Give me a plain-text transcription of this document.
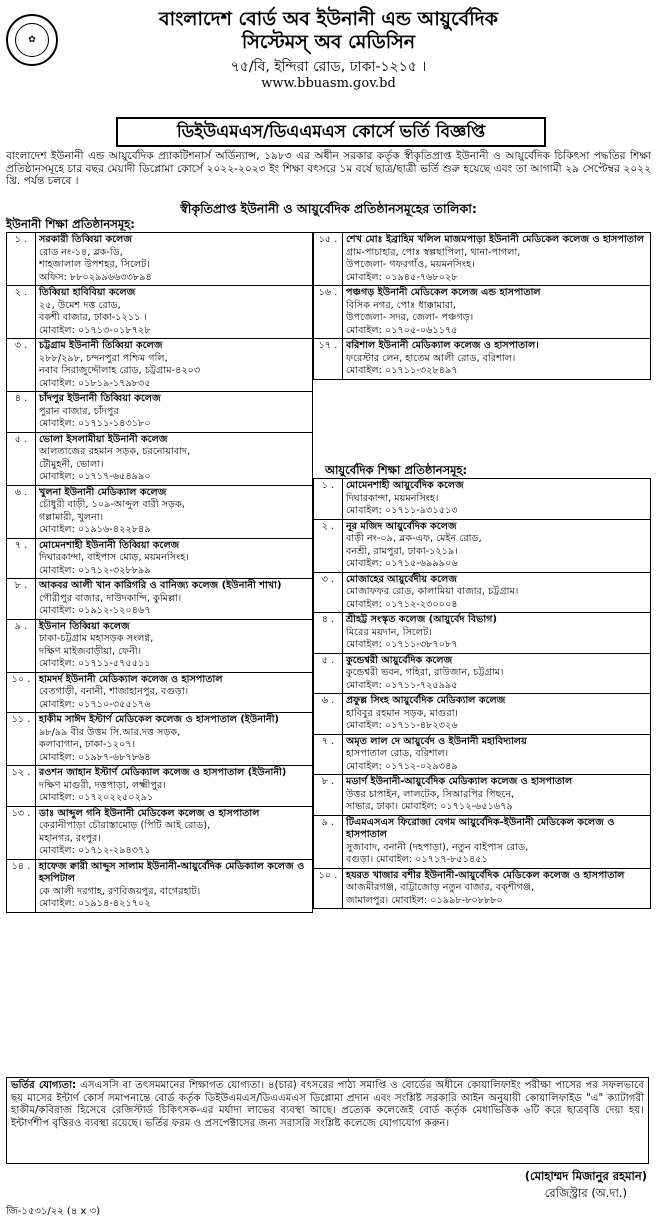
✿
বাংলাদেশ বোর্ড অব ইউনানী এন্ড আয়ুর্বেদিক
সিস্টেমস্ অব মেডিসিন
৭৫/বি, ইন্দিরা রোড, ঢাকা-১২১৫ ।
www.bbuasm.gov.bd
ডিইউএমএস/ডিএএমএস কোর্সে ভর্তি বিজ্ঞপ্তি
বাংলাদেশ ইউনানী এন্ড আয়ুর্বেদিক প্র্যাকটিশনার্স অর্ডিন্যান্স, ১৯৮৩ এর অধীন সরকার কর্তৃক স্বীকৃতিপ্রাপ্ত ইউনানী ও আয়ুর্বেদিক চিকিৎসা পদ্ধতির শিক্ষা প্রতিষ্ঠানসমূহে চার বছর মেয়াদী ডিপ্লোমা কোর্সে ২০২২-২০২৩ ইং শিক্ষা বৎসরে ১ম বর্ষে ছাত্র/ছাত্রী ভর্তি শুরু হয়েছে এবং তা আগামী ২৯ সেপ্টেম্বর ২০২২ খ্রি. পর্যন্ত চলবে ।
স্বীকৃতিপ্রাপ্ত ইউনানী ও আয়ুর্বেদিক প্রতিষ্ঠানসমূহের তালিকা:
ইউনানী শিক্ষা প্রতিষ্ঠানসমূহ:
১ .	সরকারী তিব্বিয়া কলেজ
রোড নং-১৪, ব্লক-ডি,
শাহজালাল উপশহর, সিলেট।
অফিস: ৮৮০২৯৯৬৬৩৩৮৯৪

২ .	তিব্বিয়া হাবিবিয়া কলেজ
২৫, উমেশ দত্ত রোড,
বকশী বাজার, ঢাকা-১২১১ ।
মোবাইল: ০১৭১৩-০১৮৭২৮

৩ .	চট্টগ্রাম ইউনানী তিব্বিয়া কলেজ
২৮৮/২৯৮, চন্দনপুরা পশ্চিম গলি,
নবাব সিরাজুদ্দৌলাহ রোড, চট্টগ্রাম-৪২০৩
মোবাইল: ০১৮১৯-১৭৯৮৩৫

৪ .	চাঁদপুর ইউনানী তিব্বিয়া কলেজ
পুরান বাজার, চাঁদপুর
মোবাইল: ০১৭১১-১৪৩১৮০

৫ .	ভোলা ইসলামীয়া ইউনানী কলেজ
আলতাজের রহমান সড়ক, চরনোয়াবাদ,
টৌমুহনী, ভোলা।
মোবাইল: ০১৭১৭-৬৫৪৯৯০

৬ .	খুলনা ইউনানী মেডিক্যাল কলেজ
চৌধুরী বাড়ী, ১০৯-আব্দুল বারী সড়ক,
গল্লামারী, খুলনা।
মোবাইল: ০১৯১৬-৪২২৮৪৯

৭ .	মোমেনশাহী ইউনানী তিব্বিয়া কলেজ
দিঘারকান্দা, বাইপাস মোড়, ময়মনসিংহ।
মোবাইল: ০১৭১২-৩২৮৮৯৯

৮ .	আকবর আলী খান কারিগরি ও বানিজ্য কলেজ (ইউনানী শাখা)
গৌরীপুর বাজার, দাউদকান্দি, কুমিল্লা।
মোবাইল: ০১৯১২-১২০৪৬৭

৯ .	ইউনান তিব্বিয়া কলেজ
ঢাকা-চট্টগ্রাম মহাসড়ক সংলগ্ন,
দক্ষিণ মাইজবাড়ীয়া, ফেনী।
মোবাইল: ০১৭১১-৫৭৫৫১১

১০ .	হামদর্দ ইউনানী মেডিক্যাল কলেজ ও হাসপাতাল
বেতগাড়ী, বনানী, শাজাহানপুর, বগুড়া।
মোবাইল: ০১৭১০-৩৫৫১৭৬

১১ .	হাকীম সাঈদ ইস্টার্ণ মেডিকেল কলেজ ও হাসপাতাল (ইউনানী)
৯৮/৯৯ বীর উত্তম সি.আর.দত্ত সড়ক,
কলাবাগান, ঢাকা-১২০৭।
মোবাইল: ০১৯৮৭-৬৮৭৮৬৪

১২ .	রওশন জাহান ইস্টার্ণ মেডিক্যাল কলেজ ও হাসপাতাল (ইউনানী)
দক্ষিণ মাগুরী, দত্তপাড়া, লক্ষ্মীপুর।
মোবাইল: ০১৭২০২২৫০২৯১

১৩ .	ডাঃ আব্দুল গনি ইউনানী মেডিকেল কলেজ ও হাসপাতাল
কেরানীপাড়া চৌরাস্তামোড় (পিটি আই রোড),
মহানগর, রংপুর।
মোবাইল: ০১৭১২-২৯৪৩৭১

১৪ .	হাফেজ ক্বারী আব্দুস সালাম ইউনানী-আয়ুর্বেদিক মেডিক্যাল কলেজ ও হসপিটাল
কে আলী দরগাহ, রণবিজয়পুর, বাগেরহাট।
মোবাইল: ০১৯১৪-৪২১৭০২
১৫ .	শেখ মোঃ ইব্রাহিম খলিল মাজমপাড়া ইউনানী মেডিকেল কলেজ ও হাসপাতাল
গ্রাম-পাচাহার, পোঃ স্বল্পছাপিলা, থানা-পাগলা,
উপজেলা- গফরগাঁও, ময়মনসিংহ।
মোবাইল: ০১৯৪৫-৭৬৮০২৮

১৬ .	পঞ্চগড় ইউনানী মেডিকেল কলেজ এন্ড হাসপাতাল
বিসিক নগর, পোঃ ধাক্কামারা,
উপজেলা- সদর, জেলা- পঞ্চগড়।
মোবাইল: ০১৭০৫-০৬১১৭৫

১৭ .	বরিশাল ইউনানী মেডিক্যাল কলেজ ও হাসপাতাল।
ফরেস্টার লেন, হাতেম আলী রোড, বরিশাল।
মোবাইল: ০১৭১১-৩২৮৪৯৭
আয়ুর্বেদিক শিক্ষা প্রতিষ্ঠানসমূহ:
১ .	মোমেনশাহী আয়ুর্বেদিক কলেজ
দিঘারকান্দা, ময়মনসিংহ।
মোবাইল: ০১৭১১-৯৩১৫১৩

২ .	নূর মজিদ আয়ুর্বেদিক কলেজ
বাড়ী নং-০৯, ব্লক-এফ, মেইন রোড,
বনশ্রী, রামপুরা, ঢাকা-১২১৯।
মোবাইল: ০১৭১৫-৬৯৯৯০৬

৩ .	মোজাহের আয়ুর্বেদীয় কলেজ
মোজাফফর রোড, কালামিয়া বাজার, চট্টগ্রাম।
মোবাইল: ০১৭১২-২৩০০০৪

৪ .	শ্রীহট্ট সংস্কৃত কলেজ (আয়ুর্বেদ বিভাগ)
মিরের ময়দান, সিলেট।
মোবাইল: ০১৭১১-৩৮৭০৮৭

৫ .	কুন্ডেশ্বরী আয়ুর্বেদিক কলেজ
কুন্ডেশ্বরী ভবন, গহিরা, রাউজান, চট্টগ্রাম।
মোবাইল: ০১৭১১-৭২৫৯৯৫

৬ .	প্রফুল্ল সিংহ আয়ুর্বেদিক মেডিক্যাল কলেজ
হাবিবুর রহমান সড়ক, মাগুরা।
মোবাইল: ০১৭১১-৪৮২৩২৬

৭ .	অমৃত লাল দে আয়ুর্বেদ ও ইউনানী মহাবিদ্যালয়
হাসপাতাল রোড, বরিশাল।
মোবাইল: ০১৭১২-০২৯৩৪৯

৮ .	মডার্ণ ইউনানী-আয়ুর্বেদিক মেডিক্যাল কলেজ ও হাসপাতাল
উত্তর চাপাইন, লালটেক, সিআরপির পিছনে,
সাভার, ঢাকা। মোবাইল: ০১৭১২-৬৫১৬৭৯

৯ .	টিএমএসএস ফিরোজা বেগম আয়ুর্বেদিক-ইউনানী মেডিকেল কলেজ ও হাসপাতাল
সুজাবাদ, বনানী (দহপাড়া), নতুন বাইপাস রোড,
বগুড়া। মোবাইল: ০১৭১৭-৮৫১৪৫১

১০ .	হযরত খাজার বশীর ইউনানী-আয়ুর্বেদিক মেডিকেল কলেজ ও হাসপাতাল
আজমীরগঞ্জ, বাট্টাজোড় নতুন বাজার, বক্শীগঞ্জ,
জামালপুর। মোবাইল: ০১৯৯৮-৮০৮৮৮০
ভর্তির যোগ্যতা: এসএসসি বা তৎসমমানের শিক্ষাগত যোগ্যতা। ৪(চার) বৎসরের পাঠ্য সমাপ্তি ও বোর্ডের অধীনে কোয়ালিফাইং পরীক্ষা পাসের পর সফলভাবে ছয় মাসের ইন্টার্ণ কোর্স সমাপনান্তে বোর্ড কর্তৃক ডিইউএমএস/ডিএএমএস ডিপ্লোমা প্রদান এবং সংশ্লিষ্ট সরকারি আইন অনুযায়ী কোয়ালিফাইড "এ" ক্যাটাগরী হাকীম/কবিরাজ হিসেবে রেজিস্টার্ড চিকিৎসক-এর মর্যাদা লাভের ব্যবস্থা আছে। প্রত্যেক কলেজেই বোর্ড কর্তৃক মেধাভিত্তিক ৬টি করে ছাত্রবৃত্তি দেয়া হয়। ইন্টার্ণশীপ বৃত্তিরও ব্যবস্থা রয়েছে। ভর্তির ফরম ও প্রসপেক্টাসের জন্য সরাসরি সংশ্লিষ্ট কলেজে যোগাযোগ করুন।
(মোহাম্মদ মিজানুর রহমান)
রেজিস্ট্রার (অ.দা.)
জি-১৫৩১/২২ (৪ x ৩)
